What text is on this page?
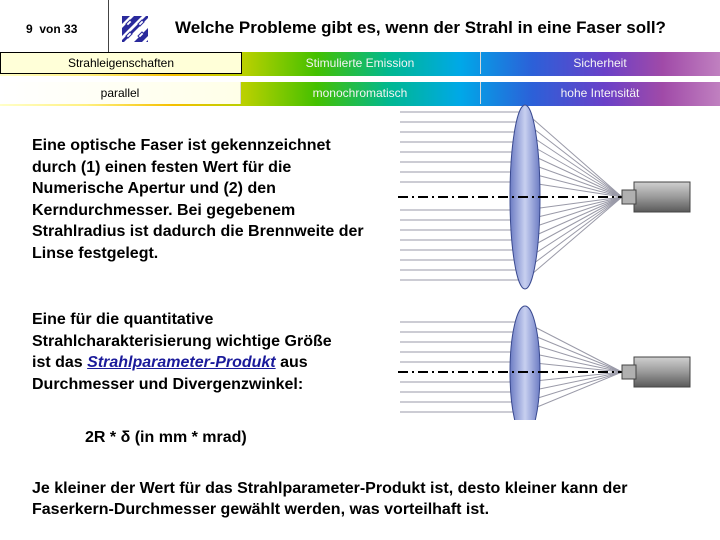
9 von 33	Welche Probleme gibt es, wenn der Strahl in eine Faser soll?
Strahleigenschaften	Stimulierte Emission	Sicherheit
parallel	monochromatisch	hohe Intensität
Eine optische Faser ist gekennzeichnet durch (1) einen festen Wert für die Numerische Apertur und (2) den Kerndurchmesser. Bei gegebenem Strahlradius ist dadurch die Brennweite der Linse festgelegt.
Eine für die quantitative Strahlcharakterisierung wichtige Größe ist das Strahlparameter-Produkt aus Durchmesser und Divergenzwinkel:
2R * δ (in mm * mrad)
Je kleiner der Wert für das Strahlparameter-Produkt ist, desto kleiner kann der Faserkern-Durchmesser gewählt werden, was vorteilhaft ist.
